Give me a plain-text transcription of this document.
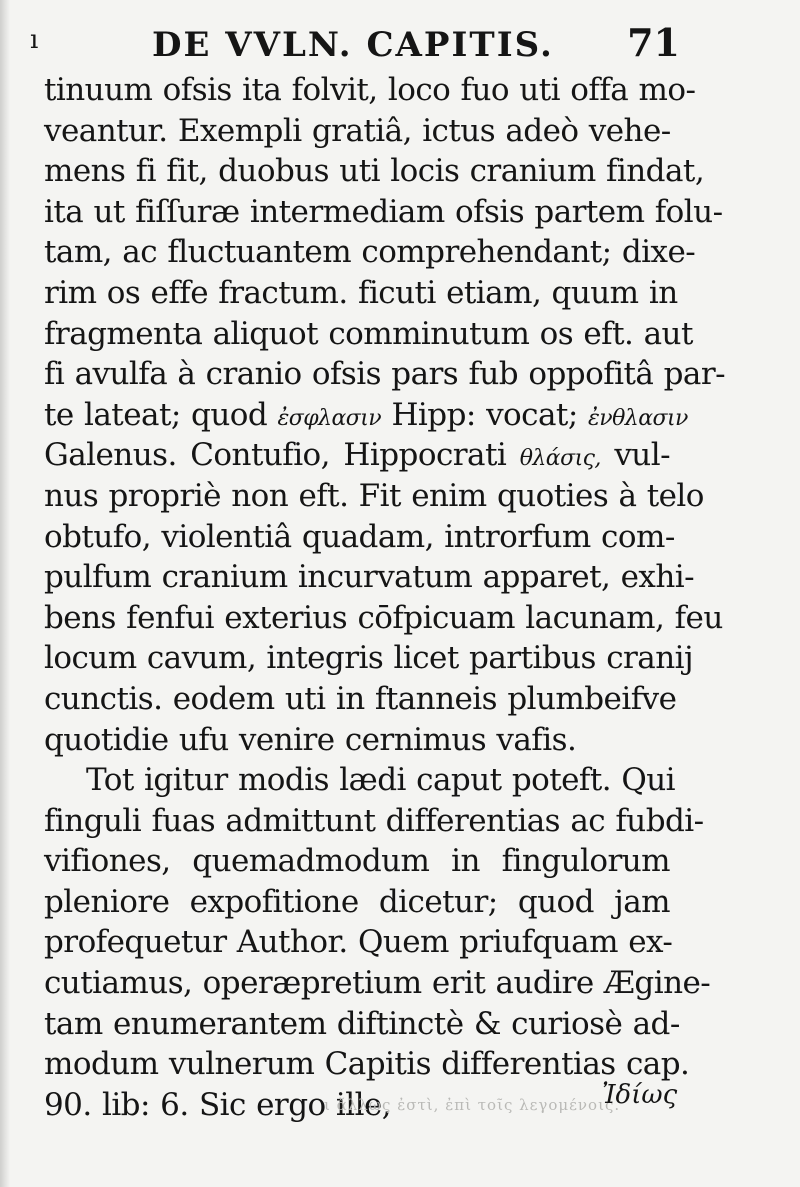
ı	DE VVLN. CAPITIS. 71
tinuum ofsis ita folvit, loco fuo uti offa mo-
veantur. Exempli gratiâ, ictus adeò vehe-
mens fi fit, duobus uti locis cranium findat,
ita ut fiſſuræ intermediam ofsis partem folu-
tam, ac fluctuantem comprehendant; dixe-
rim os effe fractum. ficuti etiam, quum in
fragmenta aliquot comminutum os eft. aut
fi avulfa à cranio ofsis pars fub oppofitâ par-
te lateat; quod ἐσφλασιν Hipp: vocat; ἐνθλασιν
Galenus. Contufio, Hippocrati θλάσις, vul-
nus propriè non eft. Fit enim quoties à telo
obtufo, violentiâ quadam, introrfum com-
pulfum cranium incurvatum apparet, exhi-
bens fenfui exterius cōfpicuam lacunam, feu
locum cavum, integris licet partibus cranij
cunctis. eodem uti in ftanneis plumbeifve
quotidie ufu venire cernimus vafis.
Tot igitur modis lædi caput poteft. Qui
finguli fuas admittunt differentias ac fubdi-
vifiones, quemadmodum in fingulorum
pleniore expofitione dicetur; quod jam
profequetur Author. Quem priufquam ex-
cutiamus, operæpretium erit audire Æginе-
tam enumerantem diftinctè & curiosè ad-
modum vulnerum Capitis differentias cap.
90. lib: 6. Sic ergo ille,
ι ἄλλως ἐστὶ, ἐπὶ τοῖς λεγομένοις.
Ἰδίως
